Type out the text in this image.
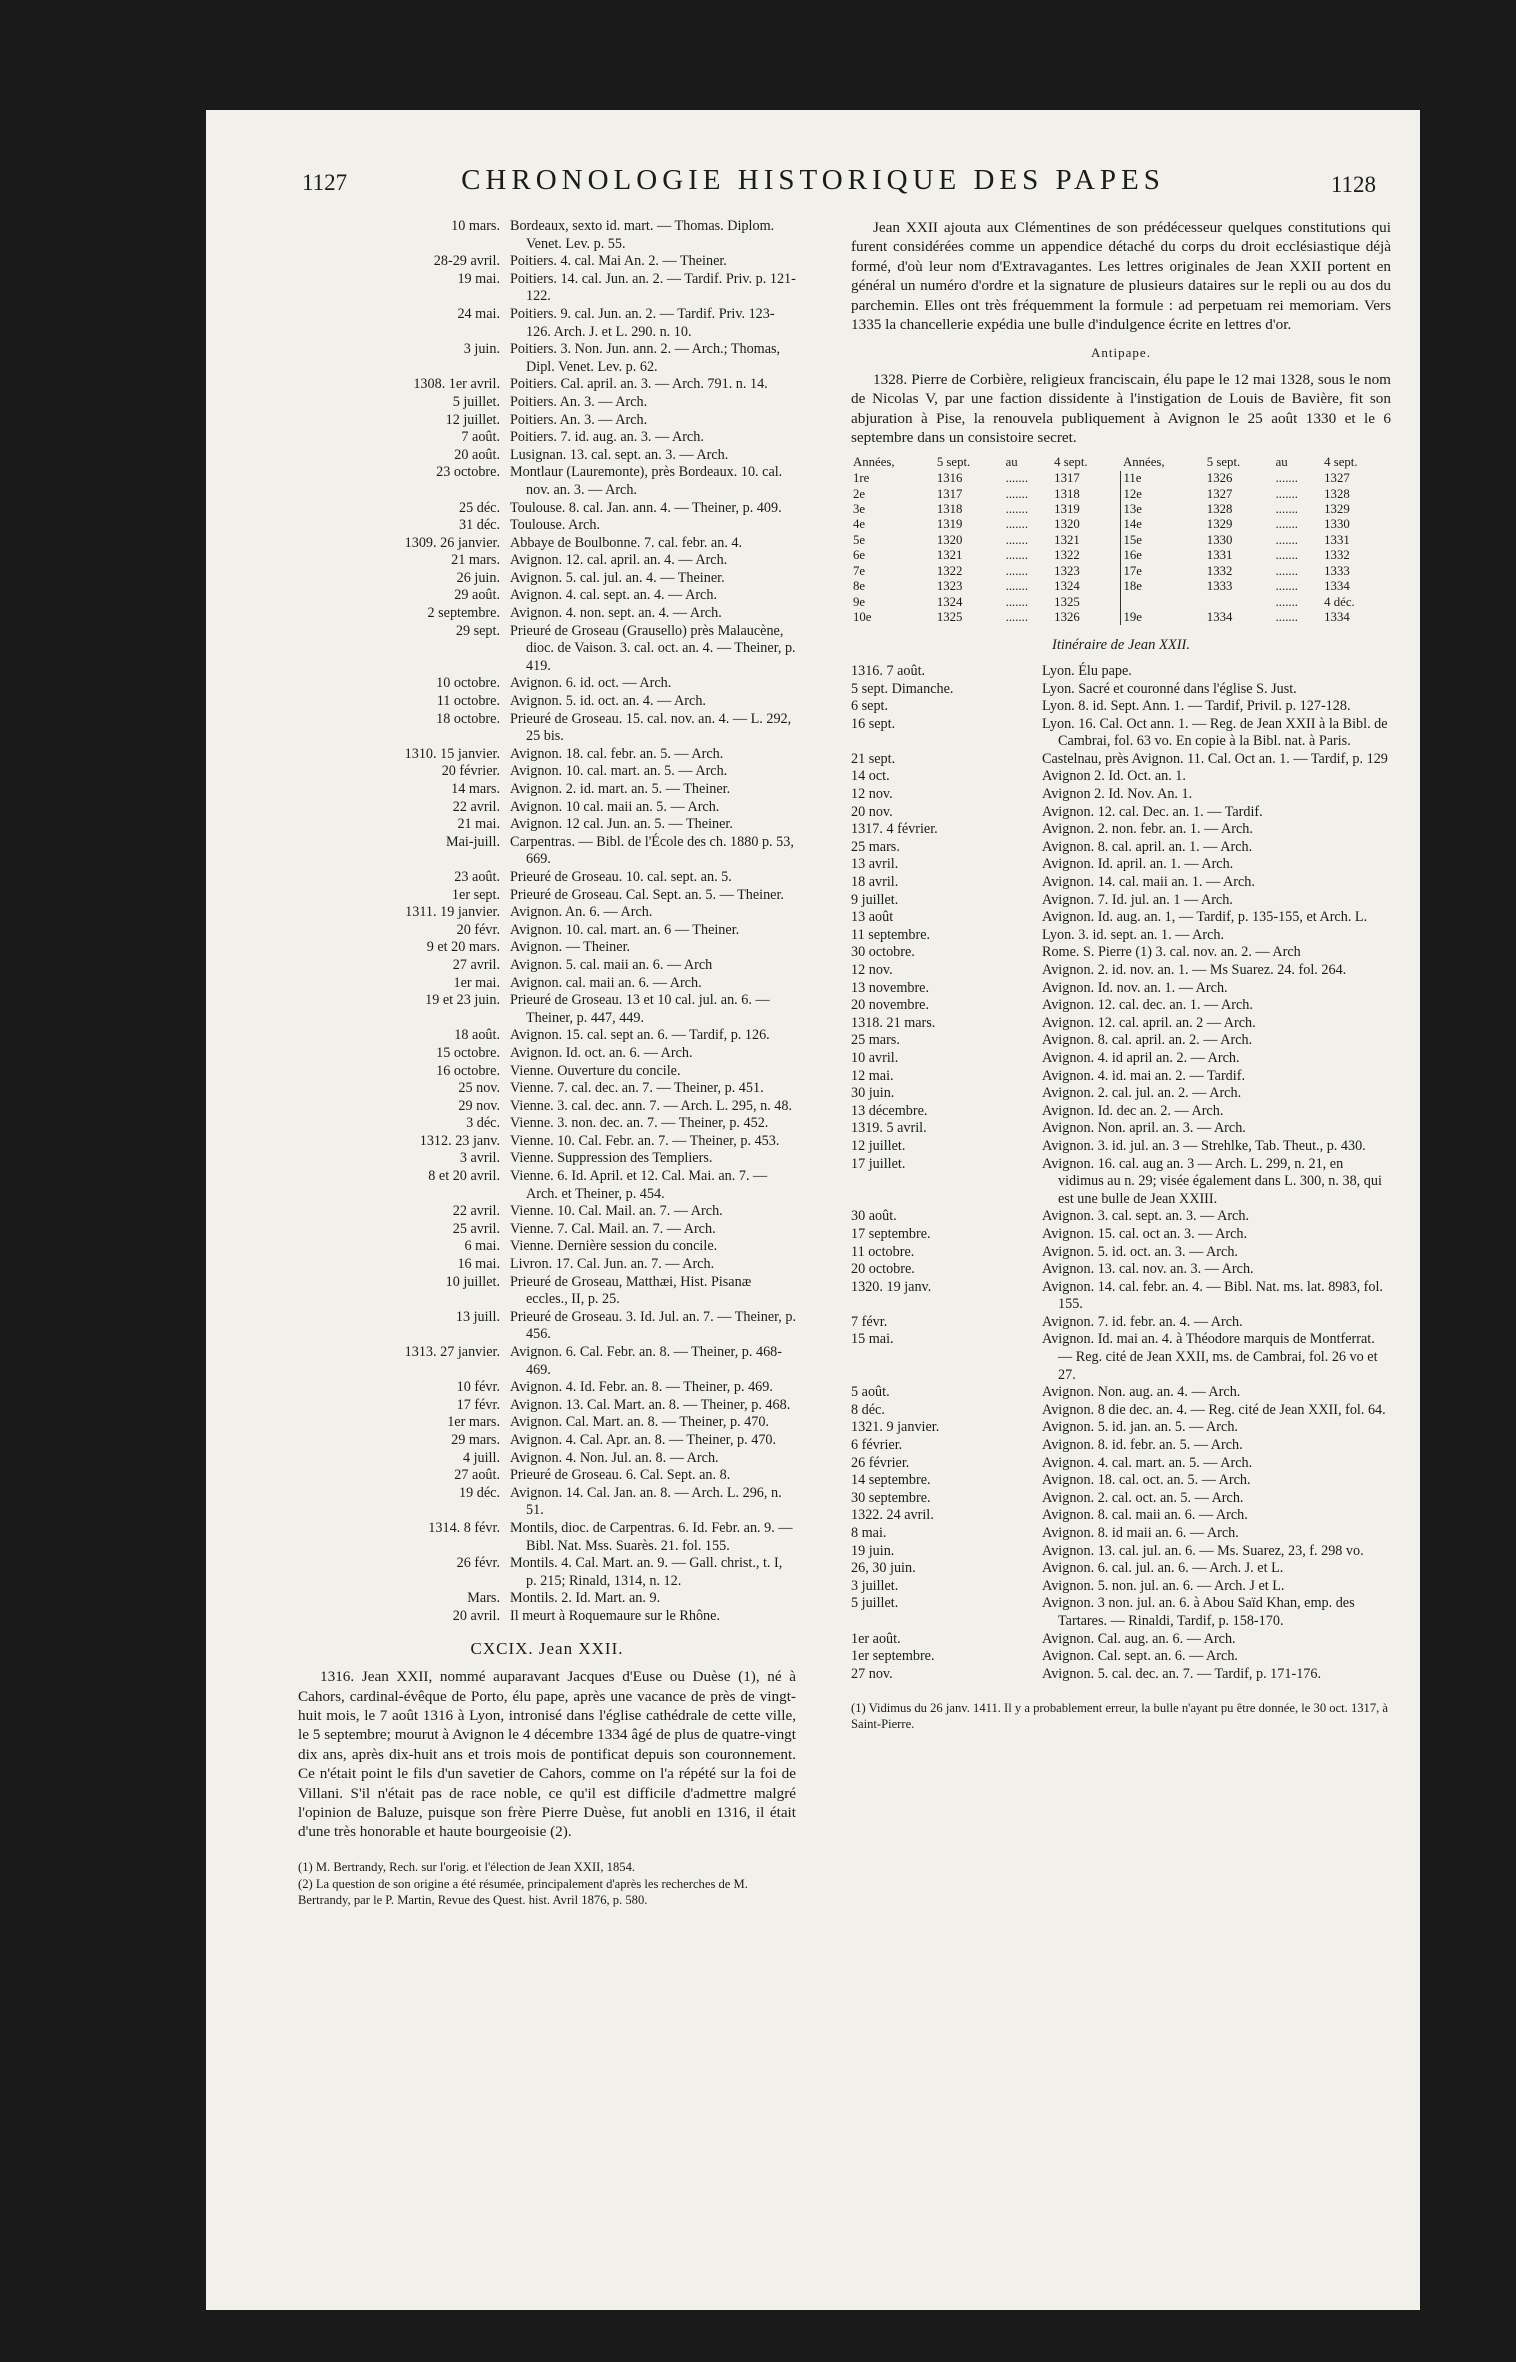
1127	CHRONOLOGIE HISTORIQUE DES PAPES	1128
10 mars. Bordeaux, sexto id. mart. — Thomas. Diplom. Venet. Lev. p. 55.
28-29 avril. Poitiers. 4. cal. Mai An. 2. — Theiner.
19 mai. Poitiers. 14. cal. Jun. an. 2. — Tardif. Priv. p. 121-122.
24 mai. Poitiers. 9. cal. Jun. an. 2. — Tardif. Priv. 123-126. Arch. J. et L. 290. n. 10.
3 juin. Poitiers. 3. Non. Jun. ann. 2. — Arch.; Thomas, Dipl. Venet. Lev. p. 62.
1308. 1er avril. Poitiers. Cal. april. an. 3. — Arch. 791. n. 14.
5 juillet. Poitiers. An. 3. — Arch.
12 juillet. Poitiers. An. 3. — Arch.
7 août. Poitiers. 7. id. aug. an. 3. — Arch.
20 août. Lusignan. 13. cal. sept. an. 3. — Arch.
23 octobre. Montlaur (Lauremonte), près Bordeaux. 10. cal. nov. an. 3. — Arch.
25 déc. Toulouse. 8. cal. Jan. ann. 4. — Theiner, p. 409.
31 déc. Toulouse. Arch.
1309. 26 janvier. Abbaye de Boulbonne. 7. cal. febr. an. 4.
21 mars. Avignon. 12. cal. april. an. 4. — Arch.
26 juin. Avignon. 5. cal. jul. an. 4. — Theiner.
29 août. Avignon. 4. cal. sept. an. 4. — Arch.
2 septembre. Avignon. 4. non. sept. an. 4. — Arch.
29 sept. Prieuré de Groseau (Grausello) près Malaucène, dioc. de Vaison. 3. cal. oct. an. 4. — Theiner, p. 419.
10 octobre. Avignon. 6. id. oct. — Arch.
11 octobre. Avignon. 5. id. oct. an. 4. — Arch.
18 octobre. Prieuré de Groseau. 15. cal. nov. an. 4. — L. 292, 25 bis.
1310. 15 janvier. Avignon. 18. cal. febr. an. 5. — Arch.
20 février. Avignon. 10. cal. mart. an. 5. — Arch.
14 mars. Avignon. 2. id. mart. an. 5. — Theiner.
22 avril. Avignon. 10 cal. maii an. 5. — Arch.
21 mai. Avignon. 12 cal. Jun. an. 5. — Theiner.
Mai-juill. Carpentras. — Bibl. de l'École des ch. 1880 p. 53, 669.
23 août. Prieuré de Groseau. 10. cal. sept. an. 5.
1er sept. Prieuré de Groseau. Cal. Sept. an. 5. — Theiner.
1311. 19 janvier. Avignon. An. 6. — Arch.
20 févr. Avignon. 10. cal. mart. an. 6 — Theiner.
9 et 20 mars. Avignon. — Theiner.
27 avril. Avignon. 5. cal. maii an. 6. — Arch
1er mai. Avignon. cal. maii an. 6. — Arch.
19 et 23 juin. Prieuré de Groseau. 13 et 10 cal. jul. an. 6. — Theiner, p. 447, 449.
18 août. Avignon. 15. cal. sept an. 6. — Tardif, p. 126.
15 octobre. Avignon. Id. oct. an. 6. — Arch.
16 octobre. Vienne. Ouverture du concile.
25 nov. Vienne. 7. cal. dec. an. 7. — Theiner, p. 451.
29 nov. Vienne. 3. cal. dec. ann. 7. — Arch. L. 295, n. 48.
3 déc. Vienne. 3. non. dec. an. 7. — Theiner, p. 452.
1312. 23 janv. Vienne. 10. Cal. Febr. an. 7. — Theiner, p. 453.
3 avril. Vienne. Suppression des Templiers.
8 et 20 avril. Vienne. 6. Id. April. et 12. Cal. Mai. an. 7. — Arch. et Theiner, p. 454.
22 avril. Vienne. 10. Cal. Mail. an. 7. — Arch.
25 avril. Vienne. 7. Cal. Mail. an. 7. — Arch.
6 mai. Vienne. Dernière session du concile.
16 mai. Livron. 17. Cal. Jun. an. 7. — Arch.
10 juillet. Prieuré de Groseau, Matthæi, Hist. Pisanæ eccles., II, p. 25.
13 juill. Prieuré de Groseau. 3. Id. Jul. an. 7. — Theiner, p. 456.
1313. 27 janvier. Avignon. 6. Cal. Febr. an. 8. — Theiner, p. 468-469.
10 févr. Avignon. 4. Id. Febr. an. 8. — Theiner, p. 469.
17 févr. Avignon. 13. Cal. Mart. an. 8. — Theiner, p. 468.
1er mars. Avignon. Cal. Mart. an. 8. — Theiner, p. 470.
29 mars. Avignon. 4. Cal. Apr. an. 8. — Theiner, p. 470.
4 juill. Avignon. 4. Non. Jul. an. 8. — Arch.
27 août. Prieuré de Groseau. 6. Cal. Sept. an. 8.
19 déc. Avignon. 14. Cal. Jan. an. 8. — Arch. L. 296, n. 51.
1314. 8 févr. Montils, dioc. de Carpentras. 6. Id. Febr. an. 9. — Bibl. Nat. Mss. Suarès. 21. fol. 155.
26 févr. Montils. 4. Cal. Mart. an. 9. — Gall. christ., t. I, p. 215; Rinald, 1314, n. 12.
Mars. Montils. 2. Id. Mart. an. 9.
20 avril. Il meurt à Roquemaure sur le Rhône.
CXCIX. Jean XXII.

1316. Jean XXII, nommé auparavant Jacques d'Euse ou Duèse (1), né à Cahors, cardinal-évêque de Porto, élu pape, après une vacance de près de vingt-huit mois, le 7 août 1316 à Lyon, intronisé dans l'église cathédrale de cette ville, le 5 septembre; mourut à Avignon le 4 décembre 1334 âgé de plus de quatre-vingt dix ans, après dix-huit ans et trois mois de pontificat depuis son couronnement. Ce n'était point le fils d'un savetier de Cahors, comme on l'a répété sur la foi de Villani. S'il n'était pas de race noble, ce qu'il est difficile d'admettre malgré l'opinion de Baluze, puisque son frère Pierre Duèse, fut anobli en 1316, il était d'une très honorable et haute bourgeoisie (2).

(1) M. Bertrandy, Rech. sur l'orig. et l'élection de Jean XXII, 1854.
(2) La question de son origine a été résumée, principalement d'après les recherches de M. Bertrandy, par le P. Martin, Revue des Quest. hist. Avril 1876, p. 580.

Jean XXII ajouta aux Clémentines de son prédécesseur quelques constitutions qui furent considérées comme un appendice détaché du corps du droit ecclésiastique déjà formé, d'où leur nom d'Extravagantes. Les lettres originales de Jean XXII portent en général un numéro d'ordre et la signature de plusieurs dataires sur le repli ou au dos du parchemin. Elles ont très fréquemment la formule : ad perpetuam rei memoriam. Vers 1335 la chancellerie expédia une bulle d'indulgence écrite en lettres d'or.

Antipape.

1328. Pierre de Corbière, religieux franciscain, élu pape le 12 mai 1328, sous le nom de Nicolas V, par une faction dissidente à l'instigation de Louis de Bavière, fit son abjuration à Pise, la renouvela publiquement à Avignon le 25 août 1330 et le 6 septembre dans un consistoire secret.

Années,	5 sept.	au	4 sept.	Années,	5 sept.	au	4 sept.
1re	1316	.......	1317	11e	1326	.......	1327
2e	1317	.......	1318	12e	1327	.......	1328
3e	1318	.......	1319	13e	1328	.......	1329
4e	1319	.......	1320	14e	1329	.......	1330
5e	1320	.......	1321	15e	1330	.......	1331
6e	1321	.......	1322	16e	1331	.......	1332
7e	1322	.......	1323	17e	1332	.......	1333
8e	1323	.......	1324	18e	1333	.......	1334
9e	1324	.......	1325			.......	4 déc.
10e	1325	.......	1326	19e	1334	.......	1334
Itinéraire de Jean XXII.
1316. 7 août.	Lyon. Élu pape.
5 sept. Dimanche.	Lyon. Sacré et couronné dans l'église S. Just.
6 sept.	Lyon. 8. id. Sept. Ann. 1. — Tardif, Privil. p. 127-128.
16 sept.	Lyon. 16. Cal. Oct ann. 1. — Reg. de Jean XXII à la Bibl. de Cambrai, fol. 63 vo. En copie à la Bibl. nat. à Paris.
21 sept.	Castelnau, près Avignon. 11. Cal. Oct an. 1. — Tardif, p. 129
14 oct.	Avignon 2. Id. Oct. an. 1.
12 nov.	Avignon 2. Id. Nov. An. 1.
20 nov.	Avignon. 12. cal. Dec. an. 1. — Tardif.
1317. 4 février.	Avignon. 2. non. febr. an. 1. — Arch.
25 mars.	Avignon. 8. cal. april. an. 1. — Arch.
13 avril.	Avignon. Id. april. an. 1. — Arch.
18 avril.	Avignon. 14. cal. maii an. 1. — Arch.
9 juillet.	Avignon. 7. Id. jul. an. 1 — Arch.
13 août	Avignon. Id. aug. an. 1, — Tardif, p. 135-155, et Arch. L.
11 septembre.	Lyon. 3. id. sept. an. 1. — Arch.
30 octobre.	Rome. S. Pierre (1) 3. cal. nov. an. 2. — Arch
12 nov.	Avignon. 2. id. nov. an. 1. — Ms Suarez. 24. fol. 264.
13 novembre.	Avignon. Id. nov. an. 1. — Arch.
20 novembre.	Avignon. 12. cal. dec. an. 1. — Arch.
1318. 21 mars.	Avignon. 12. cal. april. an. 2 — Arch.
25 mars.	Avignon. 8. cal. april. an. 2. — Arch.
10 avril.	Avignon. 4. id april an. 2. — Arch.
12 mai.	Avignon. 4. id. mai an. 2. — Tardif.
30 juin.	Avignon. 2. cal. jul. an. 2. — Arch.
13 décembre.	Avignon. Id. dec an. 2. — Arch.
1319. 5 avril.	Avignon. Non. april. an. 3. — Arch.
12 juillet.	Avignon. 3. id. jul. an. 3 — Strehlke, Tab. Theut., p. 430.
17 juillet.	Avignon. 16. cal. aug an. 3 — Arch. L. 299, n. 21, en vidimus au n. 29; visée également dans L. 300, n. 38, qui est une bulle de Jean XXIII.
30 août.	Avignon. 3. cal. sept. an. 3. — Arch.
17 septembre.	Avignon. 15. cal. oct an. 3. — Arch.
11 octobre.	Avignon. 5. id. oct. an. 3. — Arch.
20 octobre.	Avignon. 13. cal. nov. an. 3. — Arch.
1320. 19 janv.	Avignon. 14. cal. febr. an. 4. — Bibl. Nat. ms. lat. 8983, fol. 155.
7 févr.	Avignon. 7. id. febr. an. 4. — Arch.
15 mai.	Avignon. Id. mai an. 4. à Théodore marquis de Montferrat. — Reg. cité de Jean XXII, ms. de Cambrai, fol. 26 vo et 27.
5 août.	Avignon. Non. aug. an. 4. — Arch.
8 déc.	Avignon. 8 die dec. an. 4. — Reg. cité de Jean XXII, fol. 64.
1321. 9 janvier.	Avignon. 5. id. jan. an. 5. — Arch.
6 février.	Avignon. 8. id. febr. an. 5. — Arch.
26 février.	Avignon. 4. cal. mart. an. 5. — Arch.
14 septembre.	Avignon. 18. cal. oct. an. 5. — Arch.
30 septembre.	Avignon. 2. cal. oct. an. 5. — Arch.
1322. 24 avril.	Avignon. 8. cal. maii an. 6. — Arch.
8 mai.	Avignon. 8. id maii an. 6. — Arch.
19 juin.	Avignon. 13. cal. jul. an. 6. — Ms. Suarez, 23, f. 298 vo.
26, 30 juin.	Avignon. 6. cal. jul. an. 6. — Arch. J. et L.
3 juillet.	Avignon. 5. non. jul. an. 6. — Arch. J et L.
5 juillet.	Avignon. 3 non. jul. an. 6. à Abou Saïd Khan, emp. des Tartares. — Rinaldi, Tardif, p. 158-170.
1er août.	Avignon. Cal. aug. an. 6. — Arch.
1er septembre.	Avignon. Cal. sept. an. 6. — Arch.
27 nov.	Avignon. 5. cal. dec. an. 7. — Tardif, p. 171-176.
(1) Vidimus du 26 janv. 1411. Il y a probablement erreur, la bulle n'ayant pu être donnée, le 30 oct. 1317, à Saint-Pierre.
